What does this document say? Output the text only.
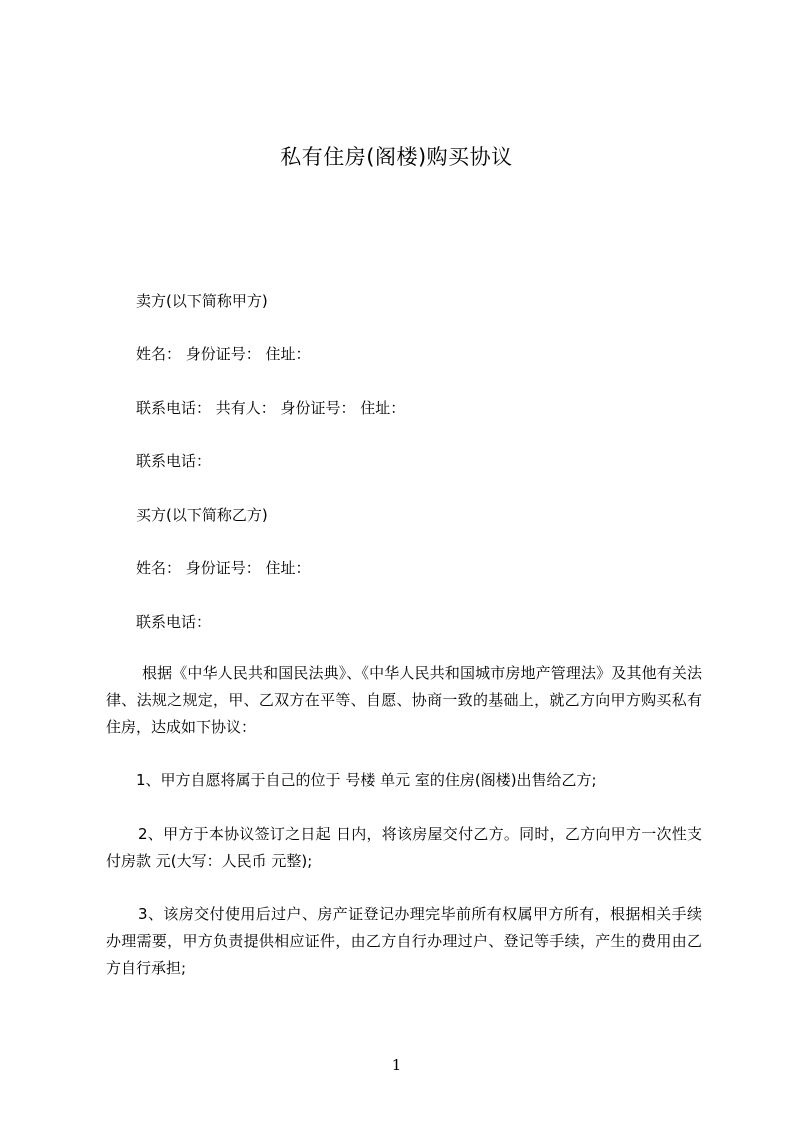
私有住房(阁楼)购买协议
卖方(以下简称甲方)
姓名： 身份证号： 住址：
联系电话： 共有人： 身份证号： 住址：
联系电话：
买方(以下简称乙方)
姓名： 身份证号： 住址：
联系电话：
根据《中华人民共和国民法典》、《中华人民共和国城市房地产管理法》及其他有关法律、法规之规定，甲、乙双方在平等、自愿、协商一致的基础上，就乙方向甲方购买私有住房，达成如下协议：
1、甲方自愿将属于自己的位于 号楼 单元 室的住房(阁楼)出售给乙方;
2、甲方于本协议签订之日起 日内，将该房屋交付乙方。同时，乙方向甲方一次性支付房款 元(大写：人民币 元整);
3、该房交付使用后过户、房产证登记办理完毕前所有权属甲方所有，根据相关手续办理需要，甲方负责提供相应证件，由乙方自行办理过户、登记等手续，产生的费用由乙方自行承担;
1
